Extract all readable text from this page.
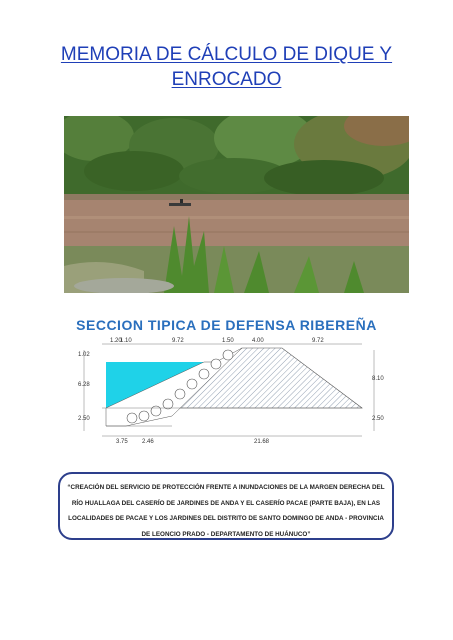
MEMORIA DE CÁLCULO DE DIQUE Y ENROCADO
SECCION TIPICA DE DEFENSA RIBEREÑA
1.20
1.10	9.72	1.50	4.00	9.72
1.02
6.28
2.50
8.10
2.50
3.75 2.46	21.68
“CREACIÓN DEL SERVICIO DE PROTECCIÓN FRENTE A INUNDACIONES DE LA MARGEN DERECHA DEL RÍO HUALLAGA DEL CASERÍO DE JARDINES DE ANDA Y EL CASERÍO PACAE (PARTE BAJA), EN LAS LOCALIDADES DE PACAE Y LOS JARDINES DEL DISTRITO DE SANTO DOMINGO DE ANDA - PROVINCIA DE LEONCIO PRADO - DEPARTAMENTO DE HUÁNUCO”
